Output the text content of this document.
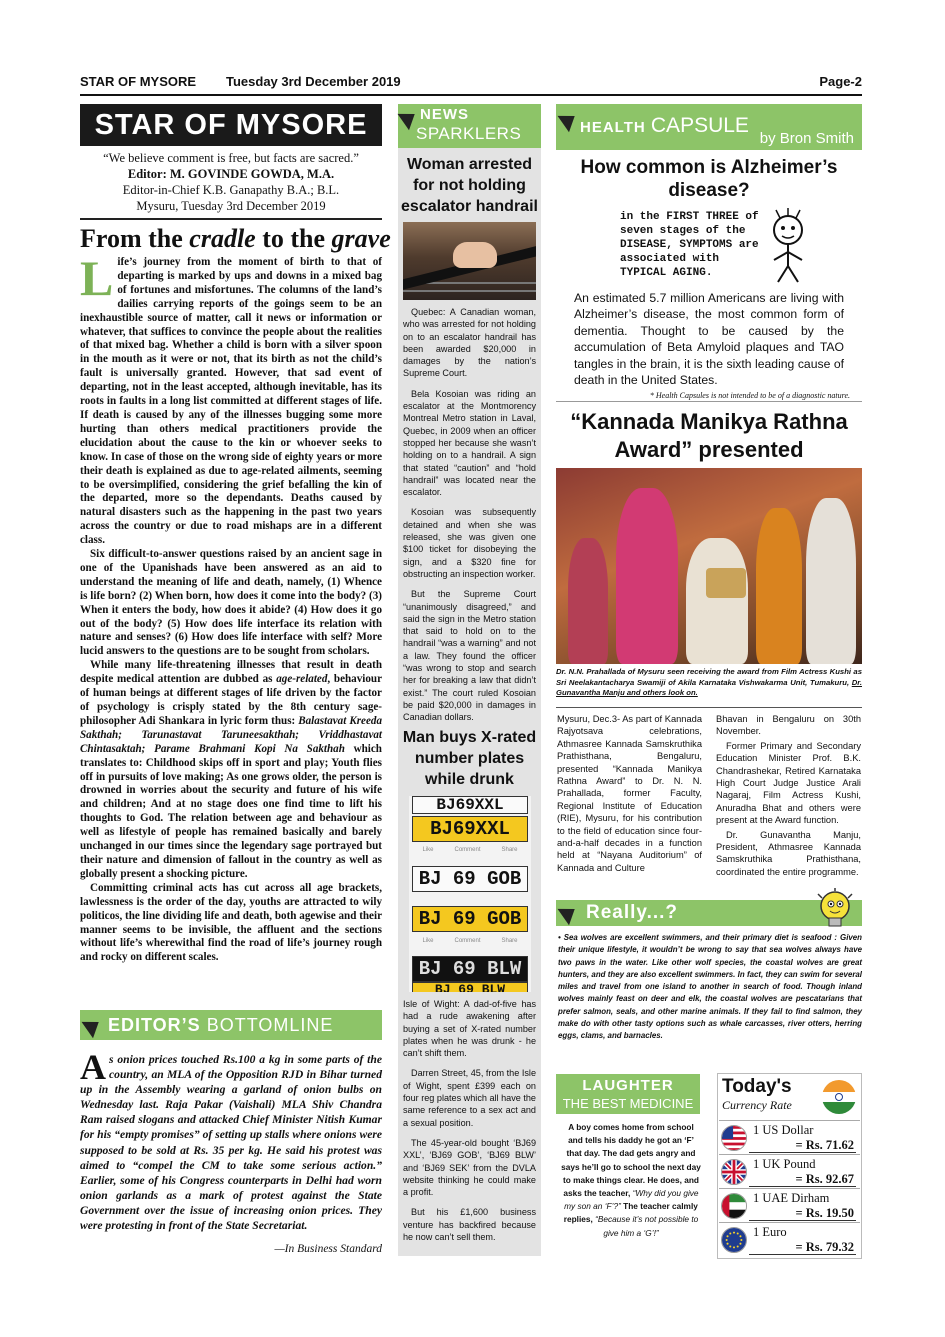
STAR OF MYSORE Tuesday 3rd December 2019	Page-2
STAR OF MYSORE
“We believe comment is free, but facts are sacred.”
Editor: M. GOVINDE GOWDA, M.A.
Editor-in-Chief K.B. Ganapathy B.A.; B.L.
Mysuru, Tuesday 3rd December 2019
From the cradle to the grave

Life’s journey from the moment of birth to that of departing is marked by ups and downs in a mixed bag of fortunes and misfortunes. The columns of the land’s dailies carrying reports of the goings seem to be an inexhaustible source of matter, call it news or information or whatever, that suffices to convince the people about the realities of that mixed bag. Whether a child is born with a silver spoon in the mouth as it were or not, that its birth as not the child’s fault is universally granted. However, that sad event of departing, not in the least accepted, although inevitable, has its roots in faults in a long list committed at different stages of life. If death is caused by any of the illnesses bugging some more hurting than others medical practitioners provide the elucidation about the cause to the kin or whoever seeks to know. In case of those on the wrong side of eighty years or more their death is explained as due to age-related ailments, seeming to be oversimplified, considering the grief befalling the kin of the departed, more so the dependants. Deaths caused by natural disasters such as the happening in the past two years across the country or due to road mishaps are in a different class.

Six difficult-to-answer questions raised by an ancient sage in one of the Upanishads have been answered as an aid to understand the meaning of life and death, namely, (1) Whence is life born? (2) When born, how does it come into the body? (3) When it enters the body, how does it abide? (4) How does it go out of the body? (5) How does life interface its relation with nature and senses? (6) How does life interface with self? More lucid answers to the questions are to be sought from scholars.

While many life-threatening illnesses that result in death despite medical attention are dubbed as age-related, behaviour of human beings at different stages of life driven by the factor of psychology is crisply stated by the 8th century sage-philosopher Adi Shankara in lyric form thus: Balastavat Kreeda Sakthah; Tarunastavat Taruneesakthah; Vriddhastavat Chintasaktah; Parame Brahmani Kopi Na Sakthah which translates to: Childhood skips off in sport and play; Youth flies off in pursuits of love making; As one grows older, the person is drowned in worries about the security and future of his wife and children; And at no stage does one find time to lift his thoughts to God. The relation between age and behaviour as well as lifestyle of people has remained basically and barely unchanged in our times since the legendary sage portrayed but their nature and dimension of fallout in the country as well as globally present a shocking picture.

Committing criminal acts has cut across all age brackets, lawlessness is the order of the day, youths are attracted to wily politicos, the line dividing life and death, both agewise and their manner seems to be invisible, the affluent and the sections without life’s wherewithal find the road of life’s journey rough and rocky on different scales.

EDITOR’S BOTTOMLINE
As onion prices touched Rs.100 a kg in some parts of the country, an MLA of the Opposition RJD in Bihar turned up in the Assembly wearing a garland of onion bulbs on Wednesday last. Raja Pakar (Vaishali) MLA Shiv Chandra Ram raised slogans and attacked Chief Minister Nitish Kumar for his “empty promises” of setting up stalls where onions were supposed to be sold at Rs. 35 per kg. He said his protest was aimed to “compel the CM to take some serious action.” Earlier, some of his Congress counterparts in Delhi had worn onion garlands as a mark of protest against the State Government over the issue of increasing onion prices. They were protesting in front of the State Secretariat.
—In Business Standard
NEWS
SPARKLERS
Woman arrested for not holding escalator handrail

Quebec: A Canadian woman, who was arrested for not holding on to an escalator handrail has been awarded $20,000 in damages by the nation’s Supreme Court.

Bela Kosoian was riding an escalator at the Montmorency Montreal Metro station in Laval, Quebec, in 2009 when an officer stopped her because she wasn’t holding on to a handrail. A sign that stated “caution” and “hold handrail” was located near the escalator.

Kosoian was subsequently detained and when she was released, she was given one $100 ticket for disobeying the sign, and a $320 fine for obstructing an inspection worker.

But the Supreme Court “unanimously disagreed,” and said the sign in the Metro station that said to hold on to the handrail “was a warning” and not a law. They found the officer “was wrong to stop and search her for breaking a law that didn’t exist.” The court ruled Kosoian be paid $20,000 in damages in Canadian dollars.

Man buys X-rated number plates while drunk
BJ69XXL
BJ69XXL
Like	Comment	Share
BJ 69 GOB
BJ 69 GOB
Like	Comment	Share
BJ 69 BLW
BJ 69 BLW

Isle of Wight: A dad-of-five has had a rude awakening after buying a set of X-rated number plates when he was drunk - he can’t shift them.

Darren Street, 45, from the Isle of Wight, spent £399 each on four reg plates which all have the same reference to a sex act and a sexual position.

The 45-year-old bought ‘BJ69 XXL’, ‘BJ69 GOB’, ‘BJ69 BLW’ and ‘BJ69 SEK’ from the DVLA website thinking he could make a profit.

But his £1,600 business venture has backfired because he now can’t sell them.

HEALTH CAPSULE
by Bron Smith
How common is Alzheimer’s disease?
in the FIRST THREE of seven stages of the DISEASE, SYMPTOMS are associated with TYPICAL AGING.
An estimated 5.7 million Americans are living with Alzheimer’s disease, the most common form of dementia. Thought to be caused by the accumulation of Beta Amyloid plaques and TAO tangles in the brain, it is the sixth leading cause of death in the United States.
* Health Capsules is not intended to be of a diagnostic nature.
“Kannada Manikya Rathna Award” presented
Dr. N.N. Prahallada of Mysuru seen receiving the award from Film Actress Kushi as Sri Neelakantacharya Swamiji of Akila Karnataka Vishwakarma Unit, Tumakuru, Dr. Gunavantha Manju and others look on.
Mysuru, Dec.3- As part of Kannada Rajyotsava celebrations, Athmasree Kannada Samskruthika Prathisthana, Bengaluru, presented “Kannada Manikya Rathna Award” to Dr. N. N. Prahallada, former Faculty, Regional Institute of Education (RIE), Mysuru, for his contribution to the field of education since four-and-a-half decades in a function held at “Nayana Auditorium” of Kannada and Culture

Bhavan in Bengaluru on 30th November.

Former Primary and Secondary Education Minister Prof. B.K. Chandrashekar, Retired Karnataka High Court Judge Justice Arali Nagaraj, Film Actress Kushi, Anuradha Bhat and others were present at the Award function.

Dr. Gunavantha Manju, President, Athmasree Kannada Samskruthika Prathisthana, coordinated the entire programme.

Really...?
• Sea wolves are excellent swimmers, and their primary diet is seafood : Given their unique lifestyle, it wouldn’t be wrong to say that sea wolves always have two paws in the water. Like other wolf species, the coastal wolves are great hunters, and they are also excellent swimmers. In fact, they can swim for several miles and travel from one island to another in search of food. Though inland wolves mainly feast on deer and elk, the coastal wolves are pescatarians that prefer salmon, seals, and other marine animals. If they fail to find salmon, they make do with other tasty options such as whale carcasses, river otters, herring eggs, clams, and barnacles.
LAUGHTER
THE BEST MEDICINE
A boy comes home from school and tells his daddy he got an ‘F’ that day. The dad gets angry and says he’ll go to school the next day to make things clear. He does, and asks the teacher, “Why did you give my son an ‘F’?” The teacher calmly replies, “Because it’s not possible to give him a ‘G’!”
Today's
Currency Rate
1 US Dollar
= Rs. 71.62
1 UK Pound
= Rs. 92.67
1 UAE Dirham
= Rs. 19.50
1 Euro
= Rs. 79.32
